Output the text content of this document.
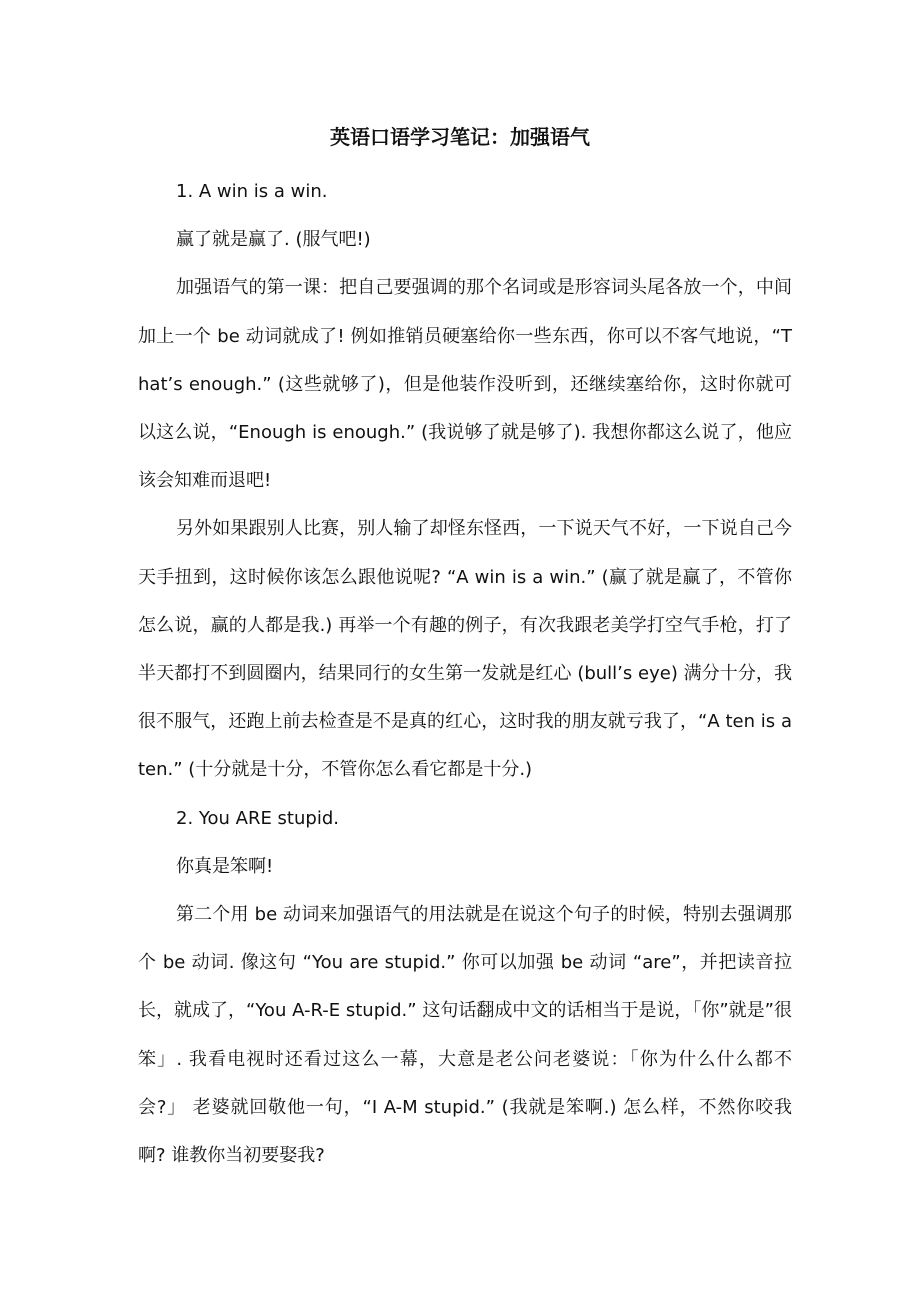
英语口语学习笔记：加强语气

1. A win is a win.

赢了就是赢了. (服气吧!)

加强语气的第一课：把自己要强调的那个名词或是形容词头尾各放一个，中间加上一个 be 动词就成了! 例如推销员硬塞给你一些东西，你可以不客气地说，“That’s enough.” (这些就够了)，但是他装作没听到，还继续塞给你，这时你就可以这么说，“Enough is enough.” (我说够了就是够了). 我想你都这么说了，他应该会知难而退吧!

另外如果跟别人比赛，别人输了却怪东怪西，一下说天气不好，一下说自己今天手扭到，这时候你该怎么跟他说呢? “A win is a win.” (赢了就是赢了，不管你怎么说，赢的人都是我.) 再举一个有趣的例子，有次我跟老美学打空气手枪，打了半天都打不到圆圈内，结果同行的女生第一发就是红心 (bull’s eye) 满分十分，我很不服气，还跑上前去检查是不是真的红心，这时我的朋友就亏我了，“A ten is a ten.” (十分就是十分，不管你怎么看它都是十分.)

2. You ARE stupid.

你真是笨啊!

第二个用 be 动词来加强语气的用法就是在说这个句子的时候，特别去强调那个 be 动词. 像这句 “You are stupid.” 你可以加强 be 动词 “are”，并把读音拉长，就成了，“You A-R-E stupid.” 这句话翻成中文的话相当于是说，「你”就是”很笨」. 我看电视时还看过这么一幕，大意是老公问老婆说：「你为什么什么都不会?」 老婆就回敬他一句，“I A-M stupid.” (我就是笨啊.) 怎么样，不然你咬我啊? 谁教你当初要娶我?
